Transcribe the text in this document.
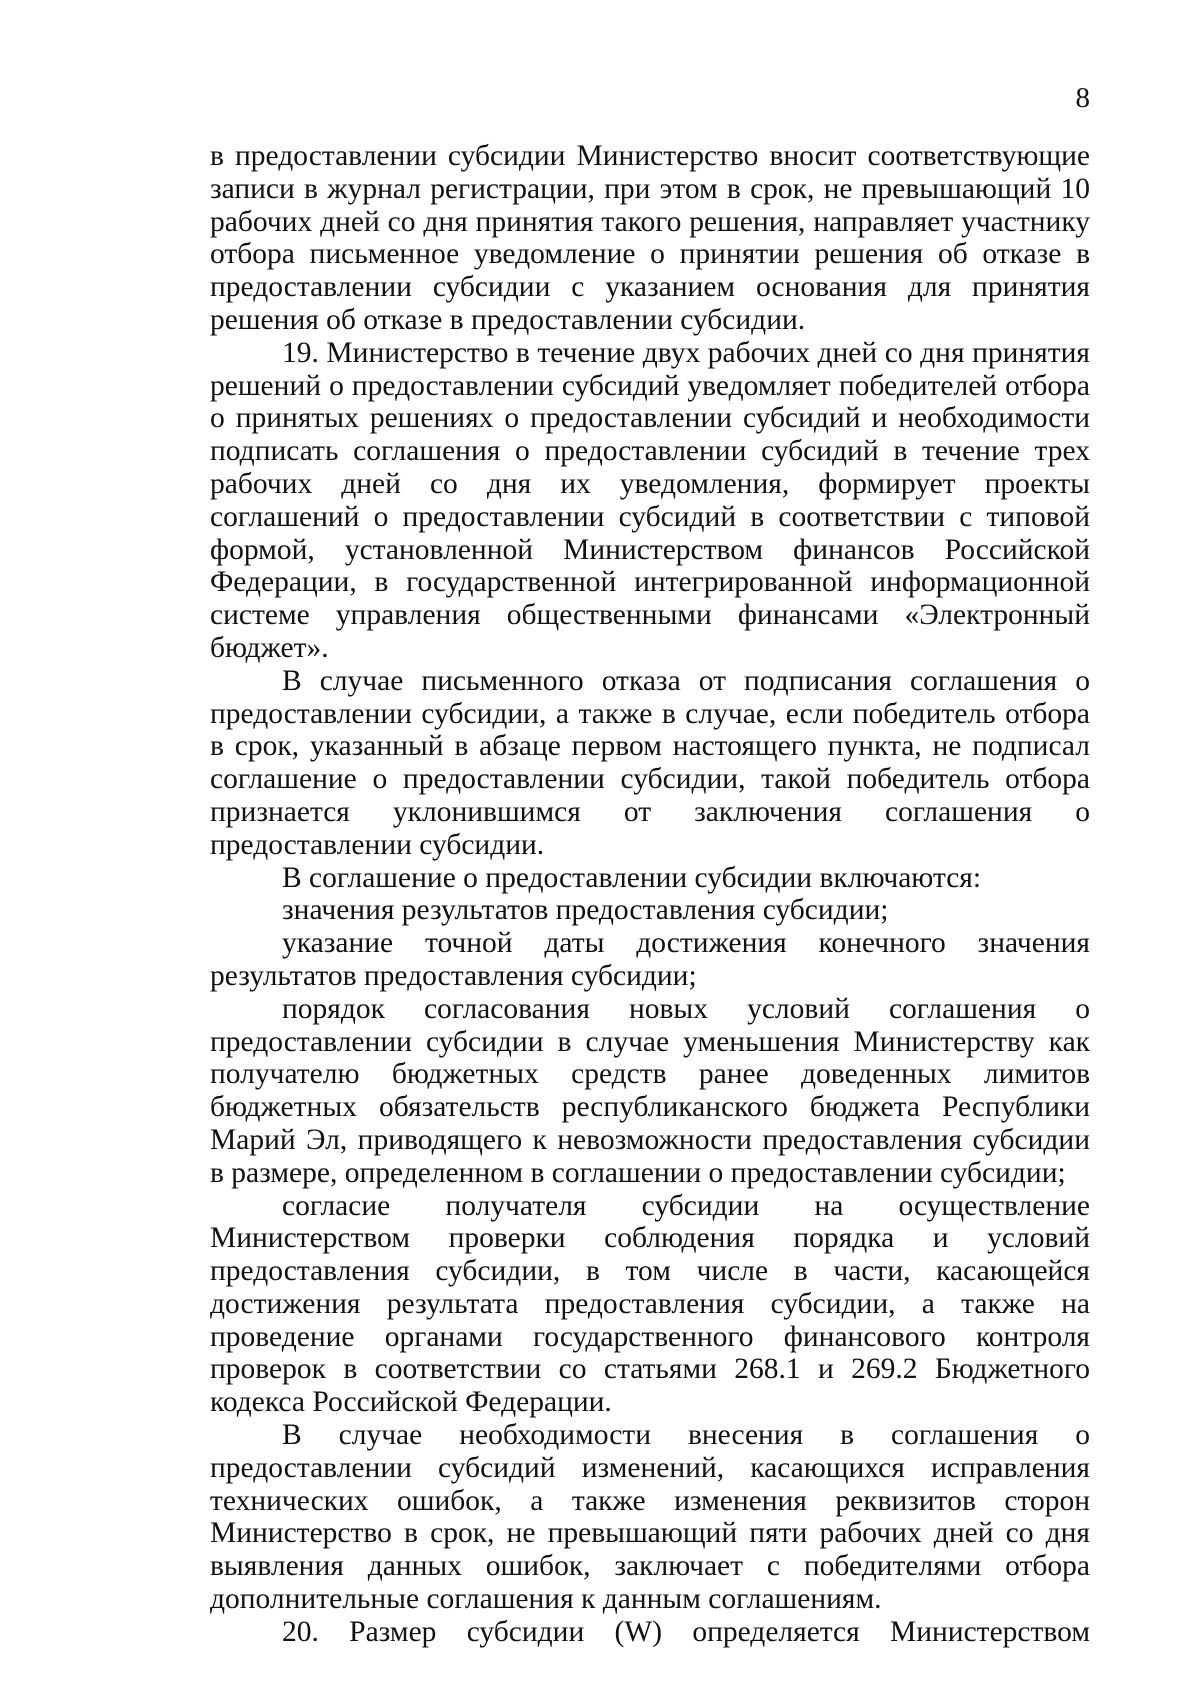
8

в предоставлении субсидии Министерство вносит соответствующие записи в журнал регистрации, при этом в срок, не превышающий 10 рабочих дней со дня принятия такого решения, направляет участнику отбора письменное уведомление о принятии решения об отказе в предоставлении субсидии с указанием основания для принятия решения об отказе в предоставлении субсидии.

19. Министерство в течение двух рабочих дней со дня принятия решений о предоставлении субсидий уведомляет победителей отбора о принятых решениях о предоставлении субсидий и необходимости подписать соглашения о предоставлении субсидий в течение трех рабочих дней со дня их уведомления, формирует проекты соглашений о предоставлении субсидий в соответствии с типовой формой, установленной Министерством финансов Российской Федерации, в государственной интегрированной информационной системе управления общественными финансами «Электронный бюджет».

В случае письменного отказа от подписания соглашения о предоставлении субсидии, а также в случае, если победитель отбора в срок, указанный в абзаце первом настоящего пункта, не подписал соглашение о предоставлении субсидии, такой победитель отбора признается уклонившимся от заключения соглашения о предоставлении субсидии.

В соглашение о предоставлении субсидии включаются:

значения результатов предоставления субсидии;

указание точной даты достижения конечного значения результатов предоставления субсидии;

порядок согласования новых условий соглашения о предоставлении субсидии в случае уменьшения Министерству как получателю бюджетных средств ранее доведенных лимитов бюджетных обязательств республиканского бюджета Республики Марий Эл, приводящего к невозможности предоставления субсидии в размере, определенном в соглашении о предоставлении субсидии;

согласие получателя субсидии на осуществление Министерством проверки соблюдения порядка и условий предоставления субсидии, в том числе в части, касающейся достижения результата предоставления субсидии, а также на проведение органами государственного финансового контроля проверок в соответствии со статьями 268.1 и 269.2 Бюджетного кодекса Российской Федерации.

В случае необходимости внесения в соглашения о предоставлении субсидий изменений, касающихся исправления технических ошибок, а также изменения реквизитов сторон Министерство в срок, не превышающий пяти рабочих дней со дня выявления данных ошибок, заключает с победителями отбора дополнительные соглашения к данным соглашениям.

20. Размер субсидии (W) определяется Министерством
